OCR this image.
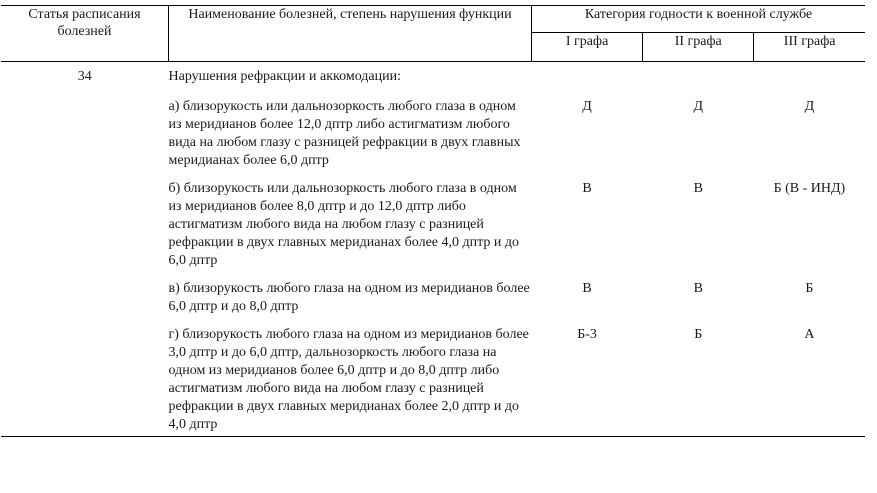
Статья расписания болезней	Наименование болезней, степень нарушения функции	Категория годности к военной службе		
		I графа	II графа	III графа
34	Нарушения рефракции и аккомодации:			
	а) близорукость или дальнозоркость любого глаза в одном из меридианов более 12,0 дптр либо астигматизм любого вида на любом глазу с разницей рефракции в двух главных меридианах более 6,0 дптр	Д	Д	Д
	б) близорукость или дальнозоркость любого глаза в одном из меридианов более 8,0 дптр и до 12,0 дптр либо астигматизм любого вида на любом глазу с разницей рефракции в двух главных меридианах более 4,0 дптр и до 6,0 дптр	В	В	Б (В - ИНД)
	в) близорукость любого глаза на одном из меридианов более 6,0 дптр и до 8,0 дптр	В	В	Б
	г) близорукость любого глаза на одном из меридианов более 3,0 дптр и до 6,0 дптр, дальнозоркость любого глаза на одном из меридианов более 6,0 дптр и до 8,0 дптр либо астигматизм любого вида на любом глазу с разницей рефракции в двух главных меридианах более 2,0 дптр и до 4,0 дптр	Б-3	Б	А
